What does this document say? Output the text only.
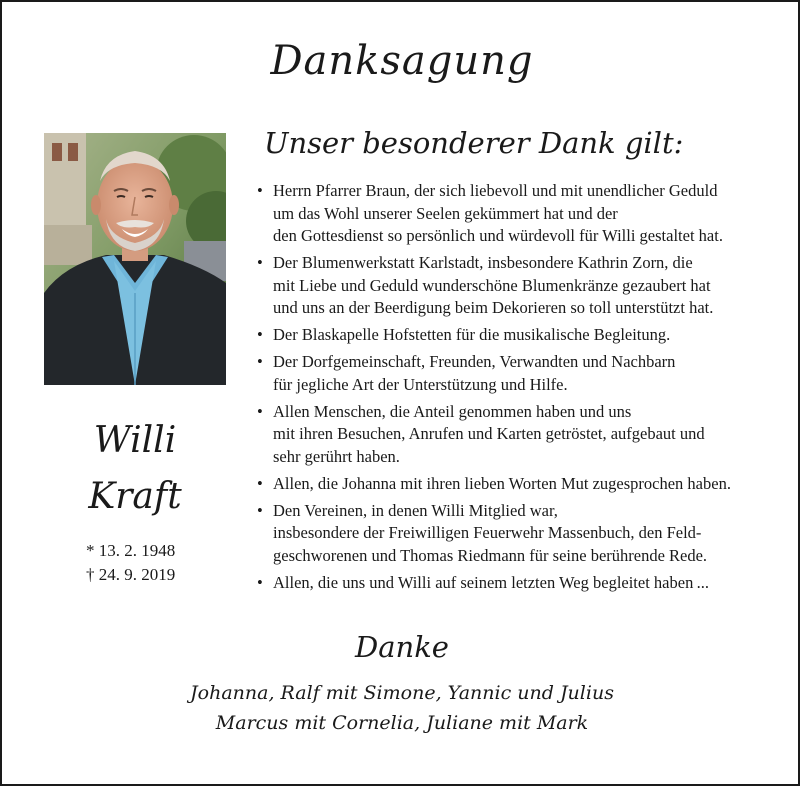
Danksagung
Unser besonderer Dank gilt:
Willi
Kraft
* 13. 2. 1948
† 24. 9. 2019
• Herrn Pfarrer Braun, der sich liebevoll und mit unendlicher Geduld
um das Wohl unserer Seelen gekümmert hat und der
den Gottesdienst so persönlich und würdevoll für Willi gestaltet hat.
• Der Blumenwerkstatt Karlstadt, insbesondere Kathrin Zorn, die
mit Liebe und Geduld wunderschöne Blumenkränze gezaubert hat
und uns an der Beerdigung beim Dekorieren so toll unterstützt hat.
• Der Blaskapelle Hofstetten für die musikalische Begleitung.
• Der Dorfgemeinschaft, Freunden, Verwandten und Nachbarn
für jegliche Art der Unterstützung und Hilfe.
• Allen Menschen, die Anteil genommen haben und uns
mit ihren Besuchen, Anrufen und Karten getröstet, aufgebaut und
sehr gerührt haben.
• Allen, die Johanna mit ihren lieben Worten Mut zugesprochen haben.
• Den Vereinen, in denen Willi Mitglied war,
insbesondere der Freiwilligen Feuerwehr Massenbuch, den Feld-
geschworenen und Thomas Riedmann für seine berührende Rede.
• Allen, die uns und Willi auf seinem letzten Weg begleitet haben ...
Danke
Johanna, Ralf mit Simone, Yannic und Julius
Marcus mit Cornelia, Juliane mit Mark
